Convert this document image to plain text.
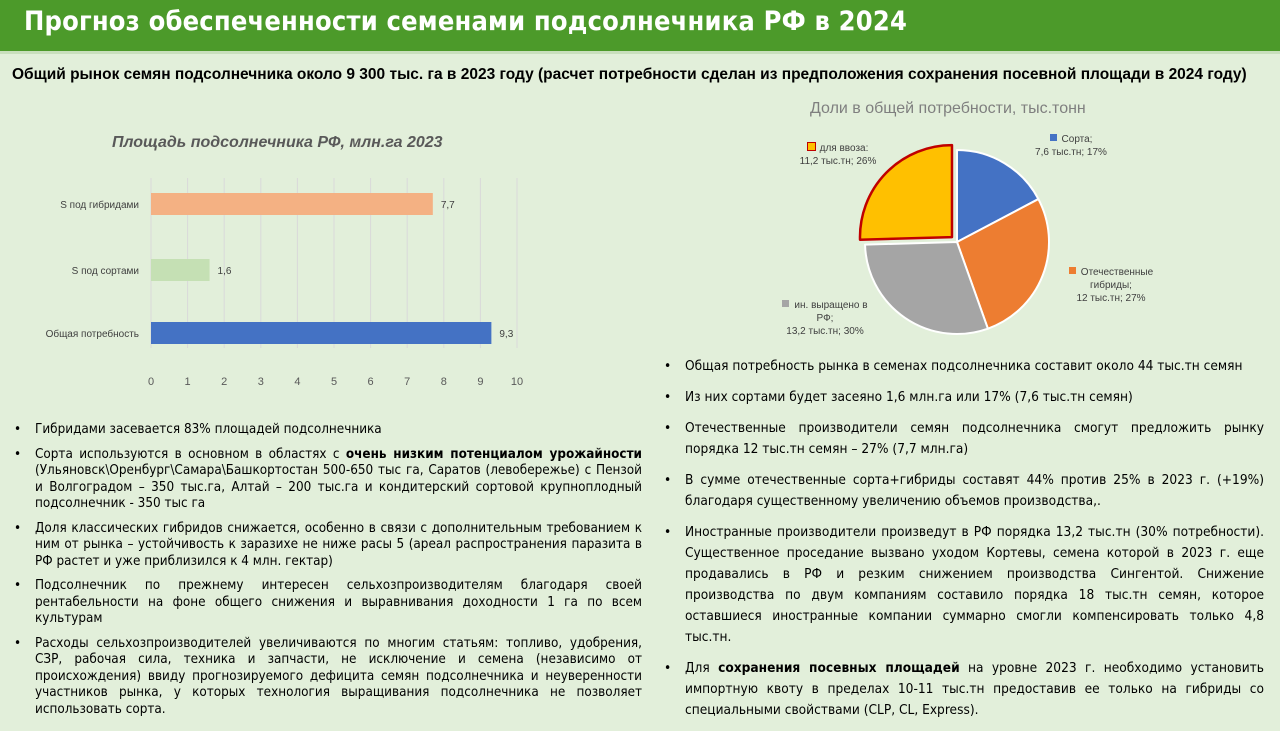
Прогноз обеспеченности семенами подсолнечника РФ в 2024
Общий рынок семян подсолнечника около 9 300 тыс. га в 2023 году (расчет потребности сделан из предположения сохранения посевной площади в 2024 году)
Площадь подсолнечника РФ, млн.га 2023
0	1	2	3	4	5	6	7	8	9 10
S под гибридами	7,7
S под сортами	1,6
Общая потребность	9,3
Доли в общей потребности, тыс.тонн
Сорта;
7,6 тыс.тн; 17%
Отечественные
гибриды;
12 тыс.тн; 27%
ин. выращено в
РФ;
13,2 тыс.тн; 30%
для ввоза:
11,2 тыс.тн; 26%
• Гибридами засевается 83% площадей подсолнечника
• Сорта используются в основном в областях с очень низким потенциалом урожайности (Ульяновск\Оренбург\Самара\Башкортостан 500-650 тыс га, Саратов (левобережье) с Пензой и Волгоградом – 350 тыс.га, Алтай – 200 тыс.га и кондитерский сортовой крупноплодный подсолнечник - 350 тыс га
• Доля классических гибридов снижается, особенно в связи с дополнительным требованием к ним от рынка – устойчивость к заразихе не ниже расы 5 (ареал распространения паразита в РФ растет и уже приблизился к 4 млн. гектар)
• Подсолнечник по прежнему интересен сельхозпроизводителям благодаря своей рентабельности на фоне общего снижения и выравнивания доходности 1 га по всем культурам
• Расходы сельхозпроизводителей увеличиваются по многим статьям: топливо, удобрения, СЗР, рабочая сила, техника и запчасти, не исключение и семена (независимо от происхождения) ввиду прогнозируемого дефицита семян подсолнечника и неуверенности участников рынка, у которых технология выращивания подсолнечника не позволяет использовать сорта.
• Общая потребность рынка в семенах подсолнечника составит около 44 тыс.тн семян
• Из них сортами будет засеяно 1,6 млн.га или 17% (7,6 тыс.тн семян)
• Отечественные производители семян подсолнечника смогут предложить рынку порядка 12 тыс.тн семян – 27% (7,7 млн.га)
• В сумме отечественные сорта+гибриды составят 44% против 25% в 2023 г. (+19%) благодаря существенному увеличению объемов производства,.
• Иностранные производители произведут в РФ порядка 13,2 тыс.тн (30% потребности). Существенное проседание вызвано уходом Кортевы, семена которой в 2023 г. еще продавались в РФ и резким снижением производства Сингентой. Снижение производства по двум компаниям составило порядка 18 тыс.тн семян, которое оставшиеся иностранные компании суммарно смогли компенсировать только 4,8 тыс.тн.
• Для сохранения посевных площадей на уровне 2023 г. необходимо установить импортную квоту в пределах 10-11 тыс.тн предоставив ее только на гибриды со специальными свойствами (CLP, CL, Express).
